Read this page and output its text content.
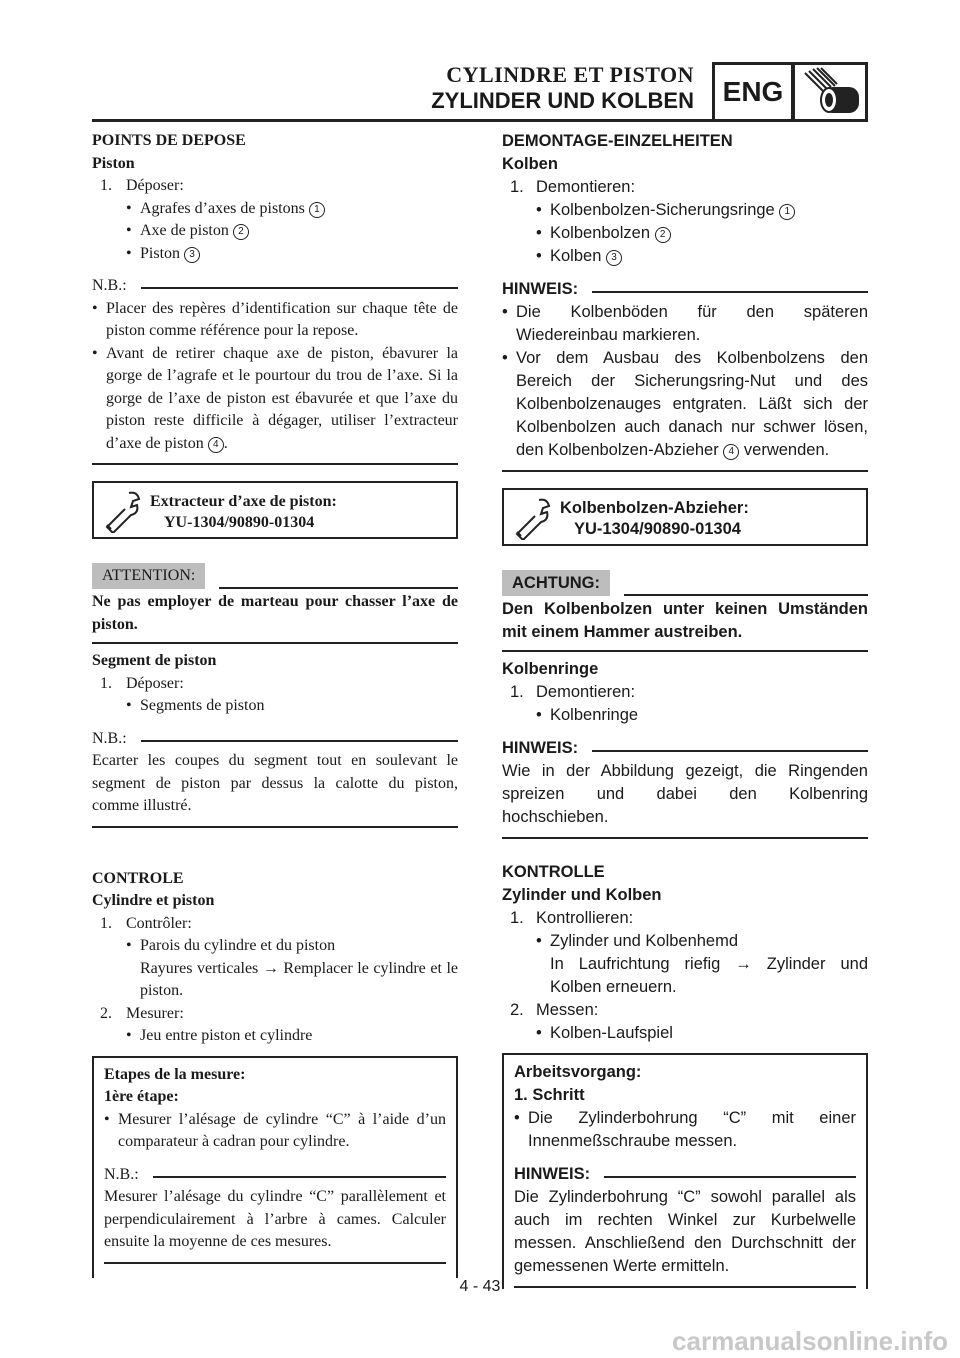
CYLINDRE ET PISTON
ZYLINDER UND KOLBEN	ENG
POINTS DE DEPOSE
Piston
1. Déposer:
• Agrafes d’axes de pistons 1
• Axe de piston 2
• Piston 3
N.B.:
• Placer des repères d’identification sur chaque tête de piston comme référence pour la repose.
• Avant de retirer chaque axe de piston, ébavurer la gorge de l’agrafe et le pourtour du trou de l’axe. Si la gorge de l’axe de piston est ébavurée et que l’axe du piston reste difficile à dégager, utiliser l’extracteur d’axe de piston 4 .
Extracteur d’axe de piston:
YU-1304/90890-01304
ATTENTION:
Ne pas employer de marteau pour chasser l’axe de piston.
Segment de piston
1. Déposer:
• Segments de piston
N.B.:
Ecarter les coupes du segment tout en soulevant le segment de piston par dessus la calotte du piston, comme illustré.
CONTROLE
Cylindre et piston
1. Contrôler:
• Parois du cylindre et du piston
Rayures verticales → Remplacer le cylindre et le piston.
2. Mesurer:
• Jeu entre piston et cylindre
Etapes de la mesure:
1ère étape:
• Mesurer l’alésage de cylindre “C” à l’aide d’un comparateur à cadran pour cylindre.
N.B.:
Mesurer l’alésage du cylindre “C” parallèlement et perpendiculairement à l’arbre à cames. Calculer ensuite la moyenne de ces mesures.
DEMONTAGE-EINZELHEITEN
Kolben
1. Demontieren:
• Kolbenbolzen-Sicherungsringe 1
• Kolbenbolzen 2
• Kolben 3
HINWEIS:
• Die Kolbenböden für den späteren Wiedereinbau markieren.
• Vor dem Ausbau des Kolbenbolzens den Bereich der Sicherungsring-Nut und des Kolbenbolzenauges entgraten. Läßt sich der Kolbenbolzen auch danach nur schwer lösen, den Kolbenbolzen-Abzieher 4 verwenden.
Kolbenbolzen-Abzieher:
YU-1304/90890-01304
ACHTUNG:
Den Kolbenbolzen unter keinen Umständen mit einem Hammer austreiben.
Kolbenringe
1. Demontieren:
• Kolbenringe
HINWEIS:
Wie in der Abbildung gezeigt, die Ringenden spreizen und dabei den Kolbenring hochschieben.
KONTROLLE
Zylinder und Kolben
1. Kontrollieren:
• Zylinder und Kolbenhemd
In Laufrichtung riefig → Zylinder und Kolben erneuern.
2. Messen:
• Kolben-Laufspiel
Arbeitsvorgang:
1. Schritt
• Die Zylinderbohrung “C” mit einer Innenmeßschraube messen.
HINWEIS:
Die Zylinderbohrung “C” sowohl parallel als auch im rechten Winkel zur Kurbelwelle messen. Anschließend den Durchschnitt der gemessenen Werte ermitteln.
4 - 43
carmanualsonline.info
